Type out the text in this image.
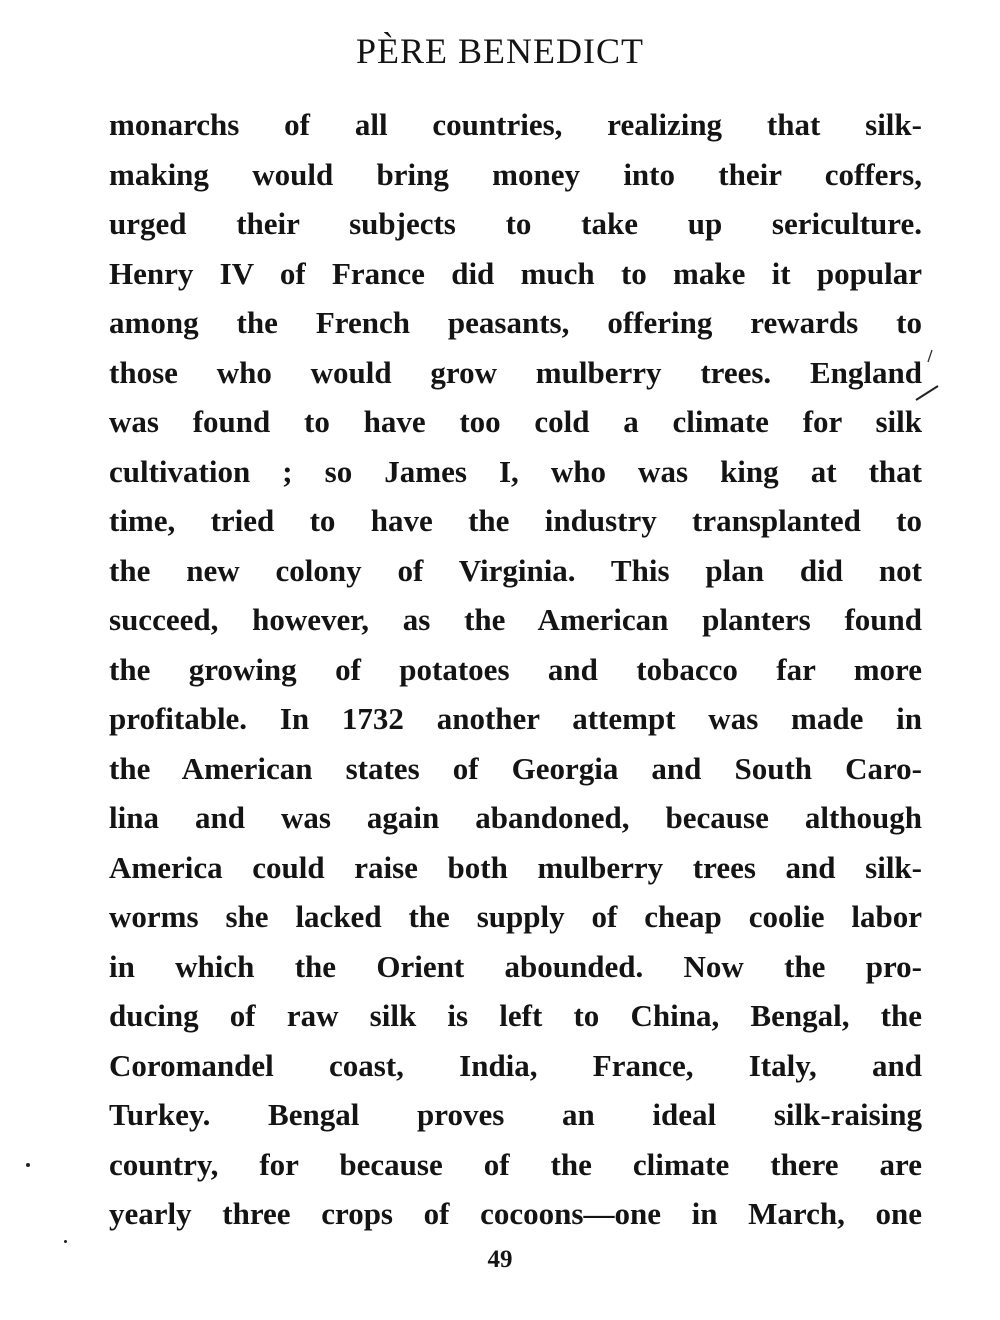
PÈRE BENEDICT
monarchs of all countries, realizing that silk-
making would bring money into their coffers,
urged their subjects to take up sericulture.
Henry IV of France did much to make it popular
among the French peasants, offering rewards to
those who would grow mulberry trees. England
was found to have too cold a climate for silk
cultivation ; so James I, who was king at that
time, tried to have the industry transplanted to
the new colony of Virginia. This plan did not
succeed, however, as the American planters found
the growing of potatoes and tobacco far more
profitable. In 1732 another attempt was made in
the American states of Georgia and South Caro-
lina and was again abandoned, because although
America could raise both mulberry trees and silk-
worms she lacked the supply of cheap coolie labor
in which the Orient abounded. Now the pro-
ducing of raw silk is left to China, Bengal, the
Coromandel coast, India, France, Italy, and
Turkey. Bengal proves an ideal silk-raising
country, for because of the climate there are
yearly three crops of cocoons—one in March, one
49
